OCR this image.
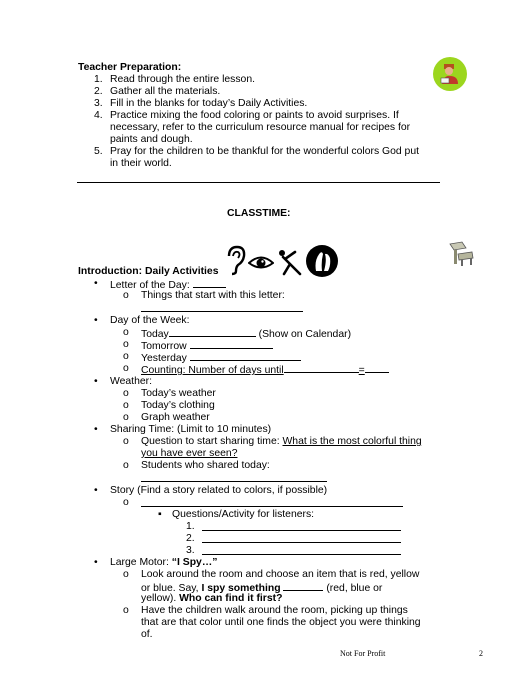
Teacher Preparation:
1. Read through the entire lesson.
2. Gather all the materials.
3. Fill in the blanks for today’s Daily Activities.
4. Practice mixing the food coloring or paints to avoid surprises. If
necessary, refer to the curriculum resource manual for recipes for
paints and dough.
5. Pray for the children to be thankful for the wonderful colors God put
in their world.
CLASSTIME:
Introduction: Daily Activities
• Letter of the Day:
o Things that start with this letter:
• Day of the Week:
o Today	(Show on Calendar)
o Tomorrow
o Yesterday
o Counting: Number of days until	=
• Weather:
o Today’s weather
o Today’s clothing
o Graph weather
• Sharing Time: (Limit to 10 minutes)
o Question to start sharing time: What is the most colorful thing
you have ever seen?
o Students who shared today:
• Story (Find a story related to colors, if possible)
o
▪ Questions/Activity for listeners:
1.
2.
3.
• Large Motor: “I Spy…”
o Look around the room and choose an item that is red, yellow
or blue. Say, I spy something	(red, blue or
yellow). Who can find it first?
o Have the children walk around the room, picking up things
that are that color until one finds the object you were thinking
of.
Not For Profit	2
